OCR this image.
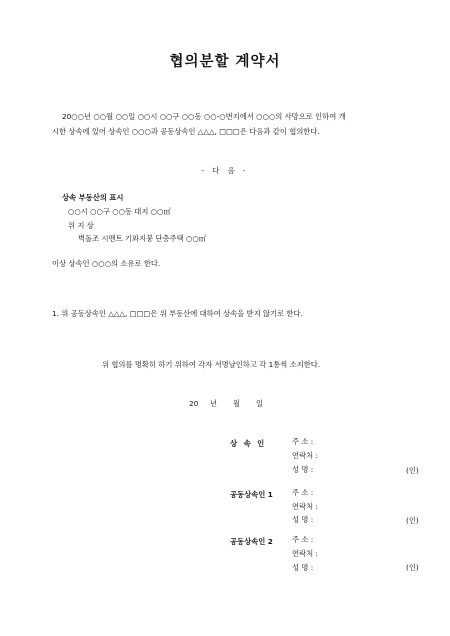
협의분할 계약서
20○○년 ○○월 ○○일 ○○시 ○○구 ○○동 ○○-○번지에서 ○○○의 사망으로 인하여 개
시한 상속에 있어 상속인 ○○○과 공동상속인 △△△, □□□은 다음과 같이 협의한다.
- 다 음 -
상속 부동산의 표시
○○시 ○○구 ○○동 대지 ○○㎡
위 지 상
벽돌조 시멘트 기와지붕 단층주택 ○○㎡
이상 상속인 ○○○의 소유로 한다.
1. 위 공동상속인 △△△, □□□은 위 부동산에 대하여 상속을 받지 않기로 한다.
위 협의를 명확히 하기 위하여 각자 서명날인하고 각 1통씩 소지한다.
20 년 월 일
상 속 인	주 소 :
연락처 :
성 명 :	(인)
공동상속인 1	주 소 :
연락처 :
성 명 :	(인)
공동상속인 2	주 소 :
연락처 :
성 명 :	(인)
